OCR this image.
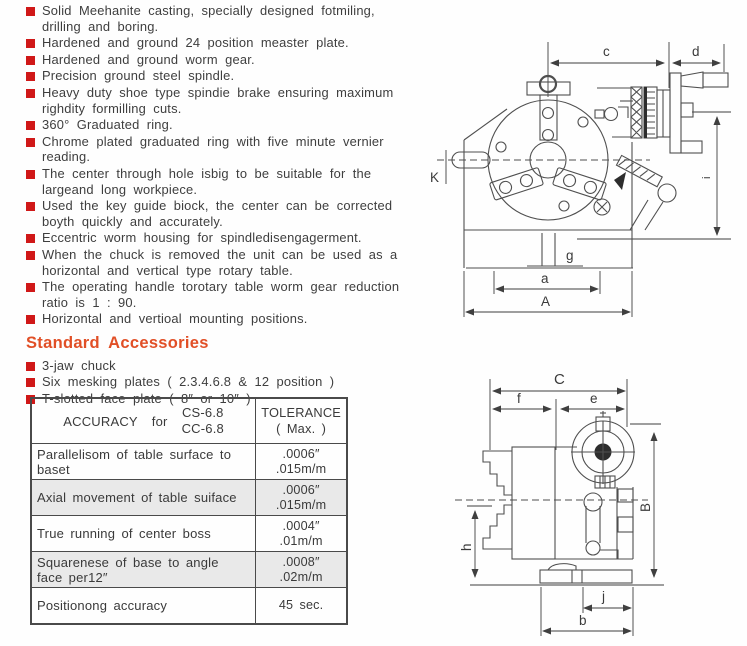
Solid Meehanite casting, specially designed fotmiling, drilling and boring.
Hardened and ground 24 position measter plate.
Hardened and ground worm gear.
Precision ground steel spindle.
Heavy duty shoe type spindie brake ensuring maximum righdity formilling cuts.
360° Graduated ring.
Chrome plated graduated ring with five minute vernier reading.
The center through hole isbig to be suitable for the largeand long workpiece.
Used the key guide biock, the center can be corrected boyth quickly and accurately.
Eccentric worm housing for spindledisengagerment.
When the chuck is removed the unit can be used as a horizontal and vertical type rotary table.
The operating handle torotary table worm gear reduction ratio is 1 : 90.
Horizontal and vertioal mounting positions.
Standard Accessories
3-jaw chuck
Six mesking plates ( 2.3.4.6.8 & 12 position )
T-slotted face plate ( 8″ or 10″ )
ACCURACY for
CS-6.8
CC-6.8	TOLERANCE
( Max. )
Parallelisom of table surface to baset	.0006″
.015m/m
Axial movement of table suiface	.0006″
.015m/m
True running of center boss	.0004″
.01m/m
Squarenese of base to angle face per12″	.0008″
.02m/m
Positionong accuracy	45 sec.
c	d
i
K
g
a
A
C
f	e
h
B
j
b
